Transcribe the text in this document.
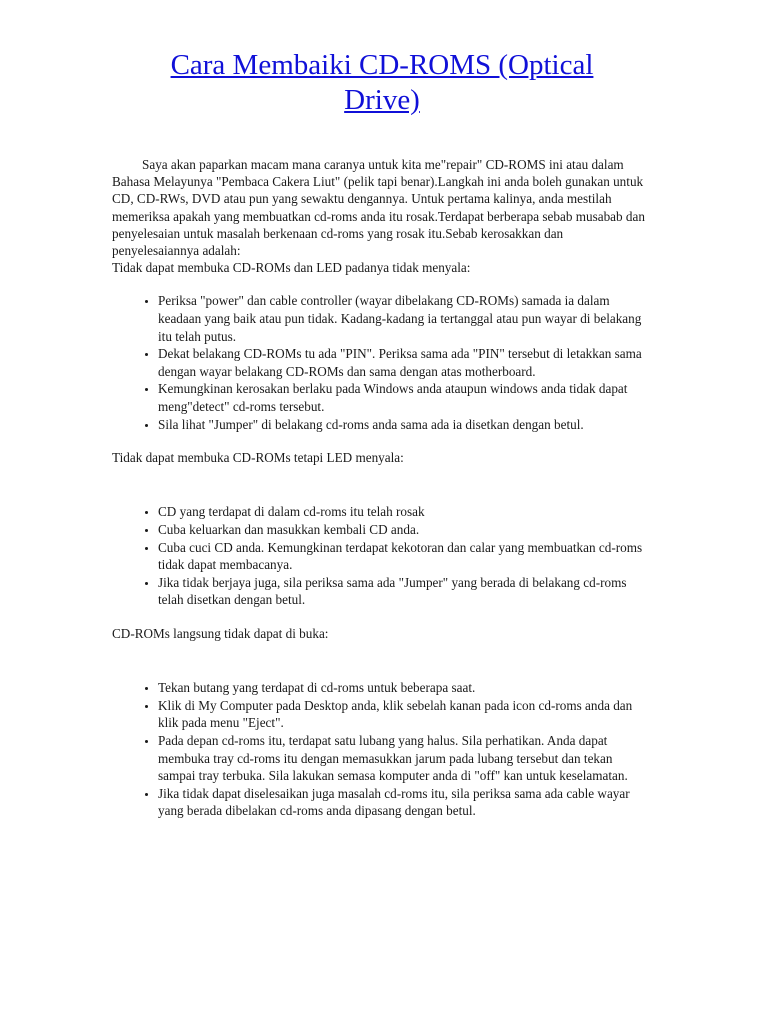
Cara Membaiki CD-ROMS (Optical
Drive)

Saya akan paparkan macam mana caranya untuk kita me"repair" CD-ROMS ini atau dalam Bahasa Melayunya "Pembaca Cakera Liut" (pelik tapi benar).Langkah ini anda boleh gunakan untuk CD, CD-RWs, DVD atau pun yang sewaktu dengannya. Untuk pertama kalinya, anda mestilah memeriksa apakah yang membuatkan cd-roms anda itu rosak.Terdapat berberapa sebab musabab dan penyelesaian untuk masalah berkenaan cd-roms yang rosak itu.Sebab kerosakkan dan penyelesaiannya adalah:

Tidak dapat membuka CD-ROMs dan LED padanya tidak menyala:

• Periksa "power" dan cable controller (wayar dibelakang CD-ROMs) samada ia dalam keadaan yang baik atau pun tidak. Kadang-kadang ia tertanggal atau pun wayar di belakang itu telah putus.
• Dekat belakang CD-ROMs tu ada "PIN". Periksa sama ada "PIN" tersebut di letakkan sama dengan wayar belakang CD-ROMs dan sama dengan atas motherboard.
• Kemungkinan kerosakan berlaku pada Windows anda ataupun windows anda tidak dapat meng"detect" cd-roms tersebut.
• Sila lihat "Jumper" di belakang cd-roms anda sama ada ia disetkan dengan betul.

Tidak dapat membuka CD-ROMs tetapi LED menyala:

• CD yang terdapat di dalam cd-roms itu telah rosak
• Cuba keluarkan dan masukkan kembali CD anda.
• Cuba cuci CD anda. Kemungkinan terdapat kekotoran dan calar yang membuatkan cd-roms tidak dapat membacanya.
• Jika tidak berjaya juga, sila periksa sama ada "Jumper" yang berada di belakang cd-roms telah disetkan dengan betul.

CD-ROMs langsung tidak dapat di buka:

• Tekan butang yang terdapat di cd-roms untuk beberapa saat.
• Klik di My Computer pada Desktop anda, klik sebelah kanan pada icon cd-roms anda dan klik pada menu "Eject".
• Pada depan cd-roms itu, terdapat satu lubang yang halus. Sila perhatikan. Anda dapat membuka tray cd-roms itu dengan memasukkan jarum pada lubang tersebut dan tekan sampai tray terbuka. Sila lakukan semasa komputer anda di "off" kan untuk keselamatan.
• Jika tidak dapat diselesaikan juga masalah cd-roms itu, sila periksa sama ada cable wayar yang berada dibelakan cd-roms anda dipasang dengan betul.
